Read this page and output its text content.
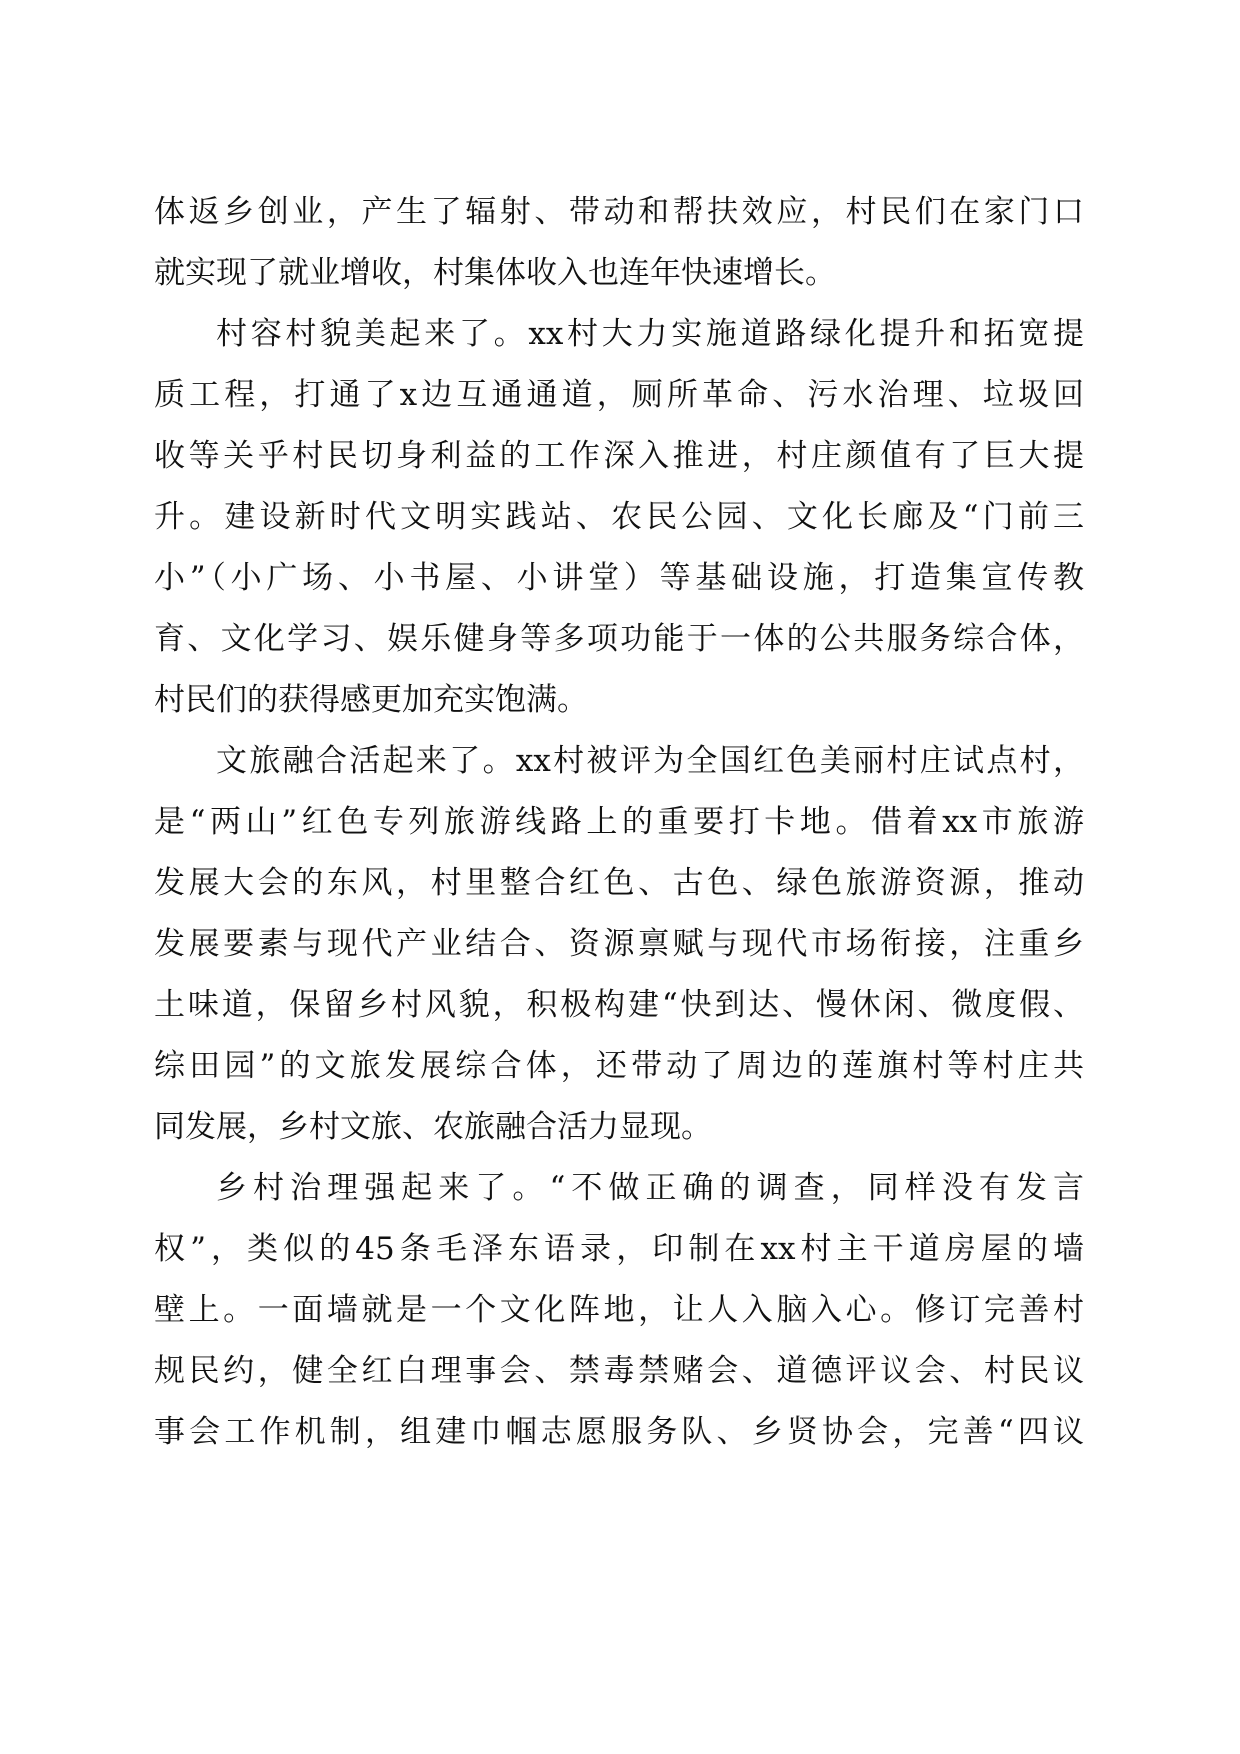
体返乡创业，产生了辐射、带动和帮扶效应，村民们在家门口
就实现了就业增收，村集体收入也连年快速增长。
村容村貌美起来了。xx村大力实施道路绿化提升和拓宽提
质工程，打通了x边互通通道，厕所革命、污水治理、垃圾回
收等关乎村民切身利益的工作深入推进，村庄颜值有了巨大提
升。建设新时代文明实践站、农民公园、文化长廊及“门前三
小”（小广场、小书屋、小讲堂）等基础设施，打造集宣传教
育、文化学习、娱乐健身等多项功能于一体的公共服务综合体，
村民们的获得感更加充实饱满。
文旅融合活起来了。xx村被评为全国红色美丽村庄试点村，
是“两山”红色专列旅游线路上的重要打卡地。借着xx市旅游
发展大会的东风，村里整合红色、古色、绿色旅游资源，推动
发展要素与现代产业结合、资源禀赋与现代市场衔接，注重乡
土味道，保留乡村风貌，积极构建“快到达、慢休闲、微度假、
综田园”的文旅发展综合体，还带动了周边的莲旗村等村庄共
同发展，乡村文旅、农旅融合活力显现。
乡村治理强起来了。“不做正确的调查，同样没有发言
权”，类似的45条毛泽东语录，印制在xx村主干道房屋的墙
壁上。一面墙就是一个文化阵地，让人入脑入心。修订完善村
规民约，健全红白理事会、禁毒禁赌会、道德评议会、村民议
事会工作机制，组建巾帼志愿服务队、乡贤协会，完善“四议
